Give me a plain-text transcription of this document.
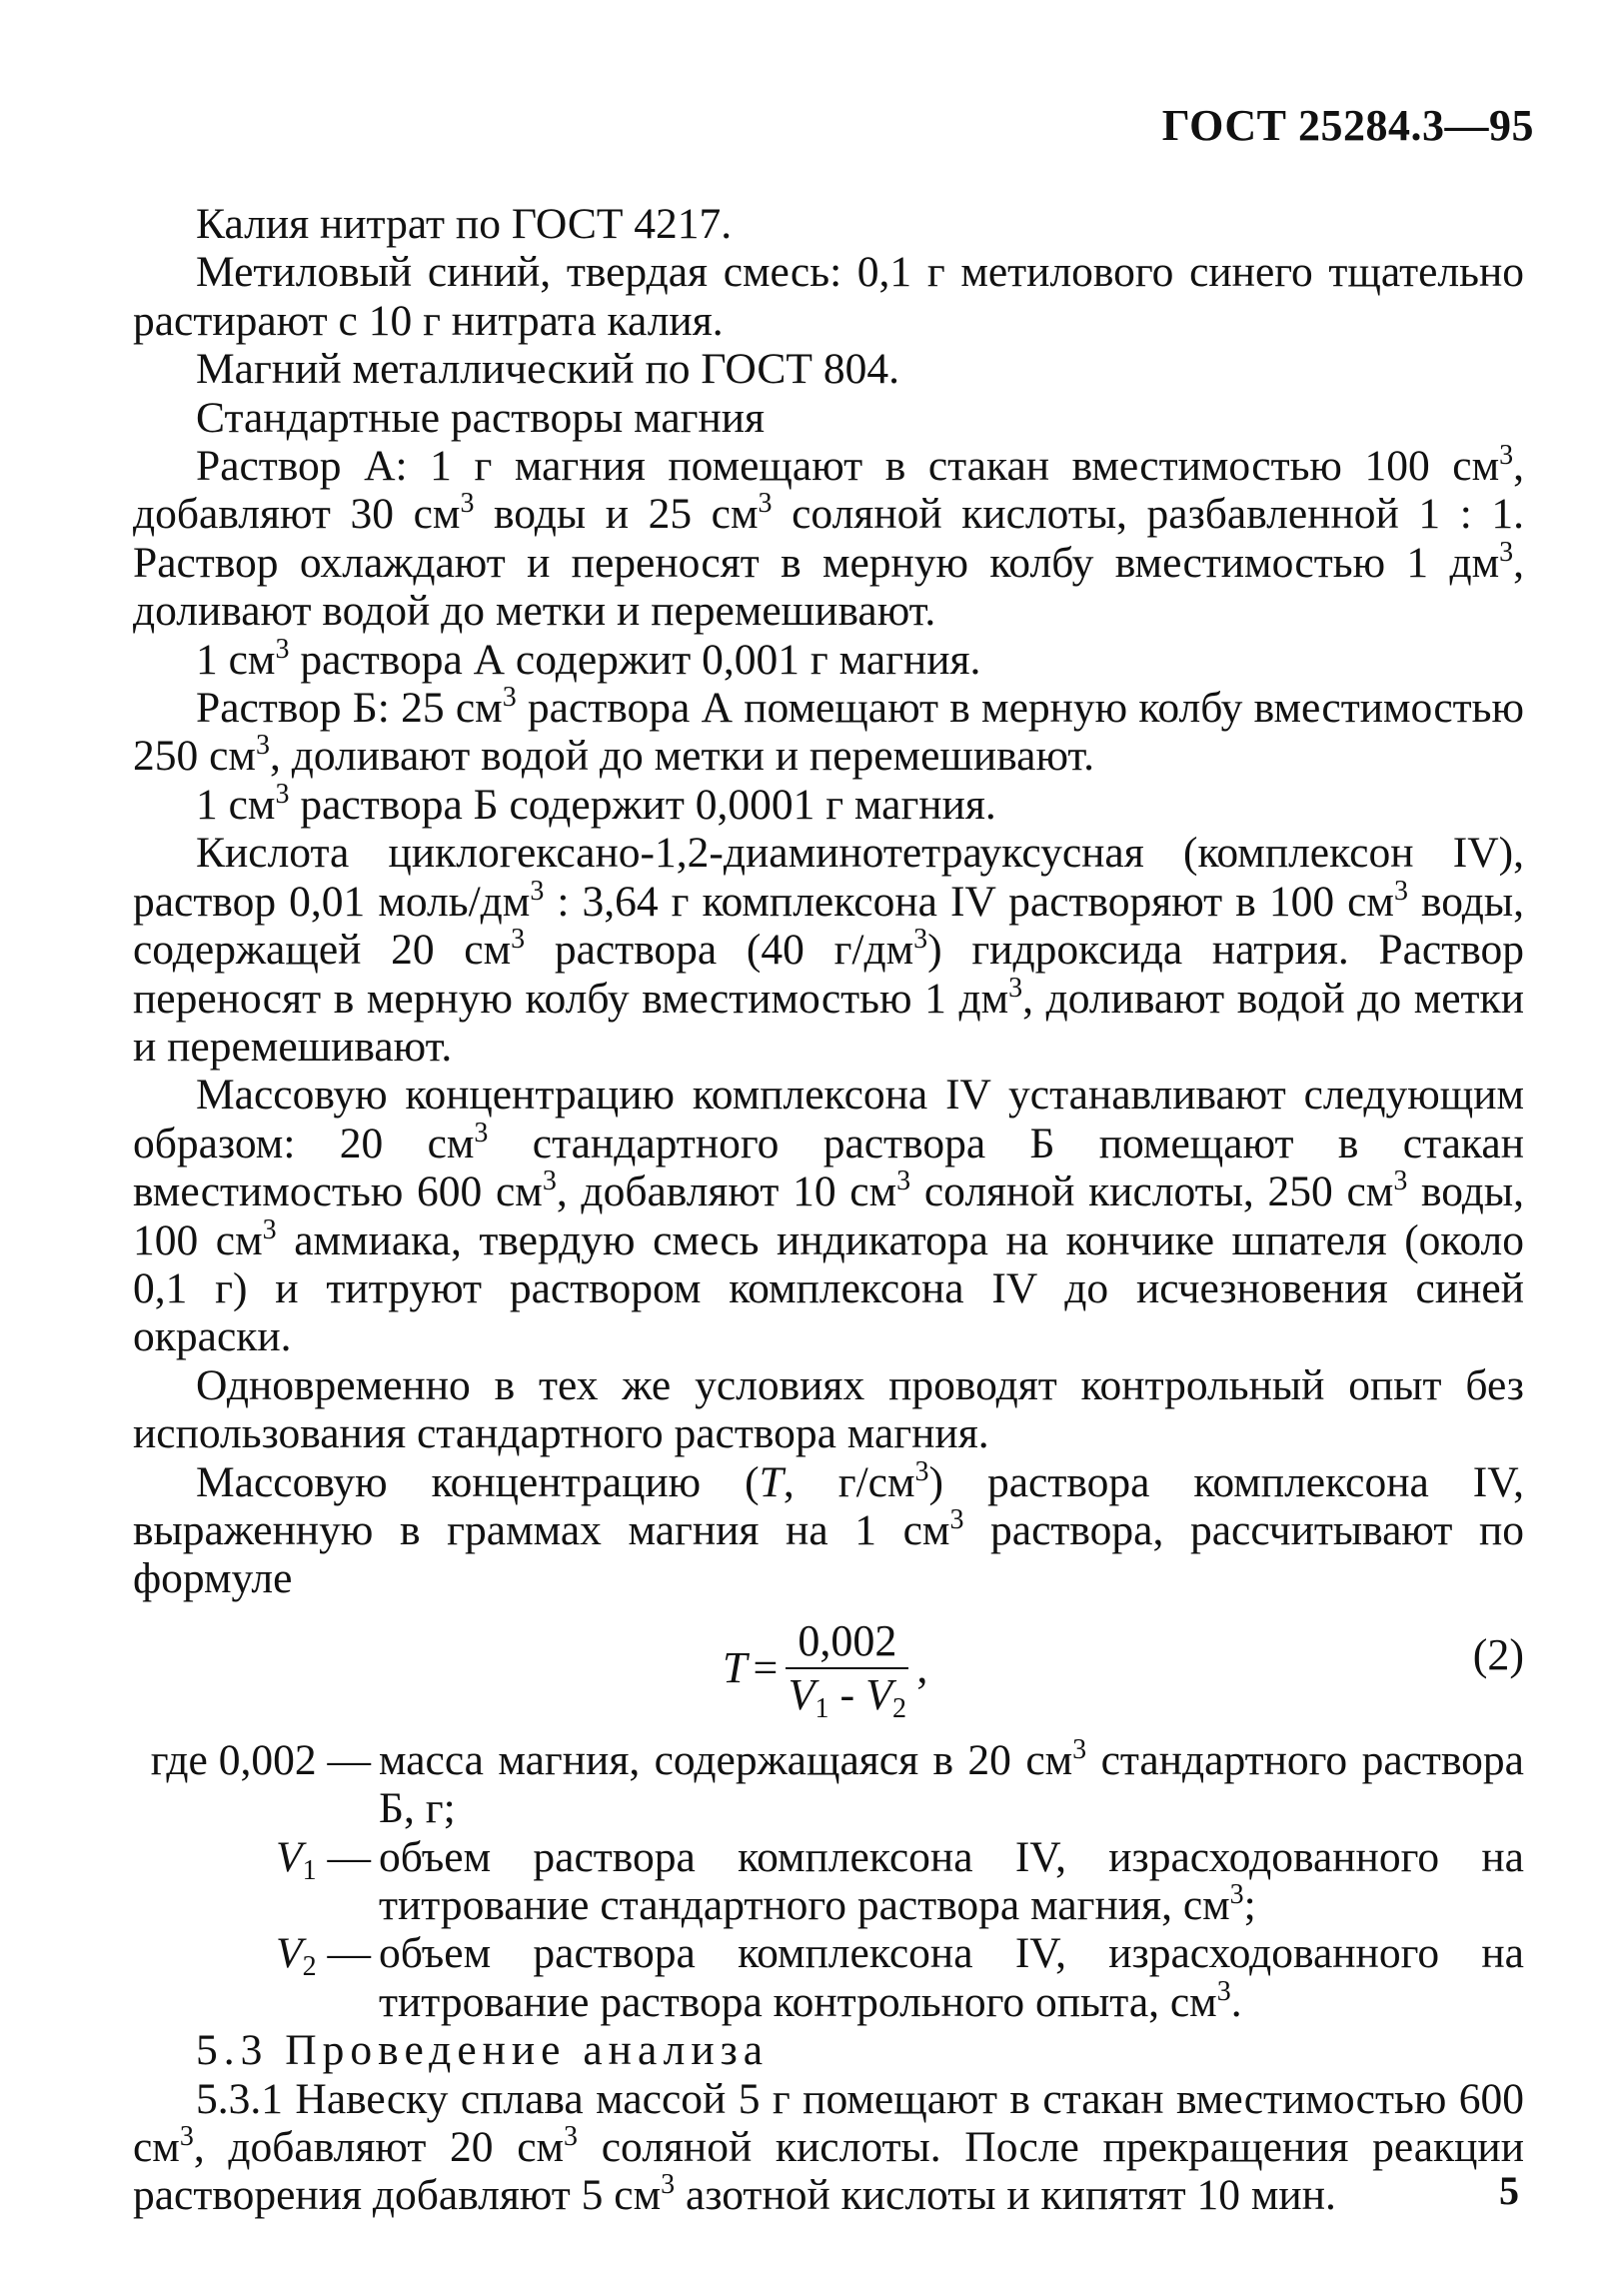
ГОСТ 25284.3—95

Калия нитрат по ГОСТ 4217.

Метиловый синий, твердая смесь: 0,1 г метилового синего тщательно растирают с 10 г нитрата калия.

Магний металлический по ГОСТ 804.

Стандартные растворы магния

Раствор А: 1 г магния помещают в стакан вместимостью 100 $см^3$, добавляют 30 $см^3$ воды и 25 $см^3$ соляной кислоты, разбавленной 1 : 1. Раствор охлаждают и переносят в мерную колбу вместимостью 1 $дм^3$, доливают водой до метки и перемешивают.

1 $см^3$ раствора А содержит 0,001 г магния.

Раствор Б: 25 $см^3$ раствора А помещают в мерную колбу вместимостью 250 $см^3$, доливают водой до метки и перемешивают.

1 $см^3$ раствора Б содержит 0,0001 г магния.

Кислота циклогексано-1,2-диаминотетрауксусная (комплексон IV), раствор 0,01 моль/$дм^3$ : 3,64 г комплексона IV растворяют в 100 $см^3$ воды, содержащей 20 $см^3$ раствора (40 $г/дм^3$) гидроксида натрия. Раствор переносят в мерную колбу вместимостью 1 $дм^3$, доливают водой до метки и перемешивают.

Массовую концентрацию комплексона IV устанавливают следующим образом: 20 $см^3$ стандартного раствора Б помещают в стакан вместимостью 600 $см^3$, добавляют 10 $см^3$ соляной кислоты, 250 $см^3$ воды, 100 $см^3$ аммиака, твердую смесь индикатора на кончике шпателя (около 0,1 г) и титруют раствором комплексона IV до исчезновения синей окраски.

Одновременно в тех же условиях проводят контрольный опыт без использования стандартного раствора магния.

Массовую концентрацию (T, $г/см^3$) раствора комплексона IV, выраженную в граммах магния на 1 $см^3$ раствора, рассчитывают по формуле

$T = \frac{0,002}{V_1 - V_2}$ ,	(2)
где 0,002 — масса магния, содержащаяся в 20 $см^3$ стандартного раствора Б, г;
$V_1$ — объем раствора комплексона IV, израсходованного на титрование стандартного раствора магния, $см^3$;
$V_2$ — объем раствора комплексона IV, израсходованного на титрование раствора контрольного опыта, $см^3$.

5.3 Проведение анализа

5.3.1 Навеску сплава массой 5 г помещают в стакан вместимостью 600 $см^3$, добавляют 20 $см^3$ соляной кислоты. После прекращения реакции растворения добавляют 5 $см^3$ азотной кислоты и кипятят 10 мин.	5
